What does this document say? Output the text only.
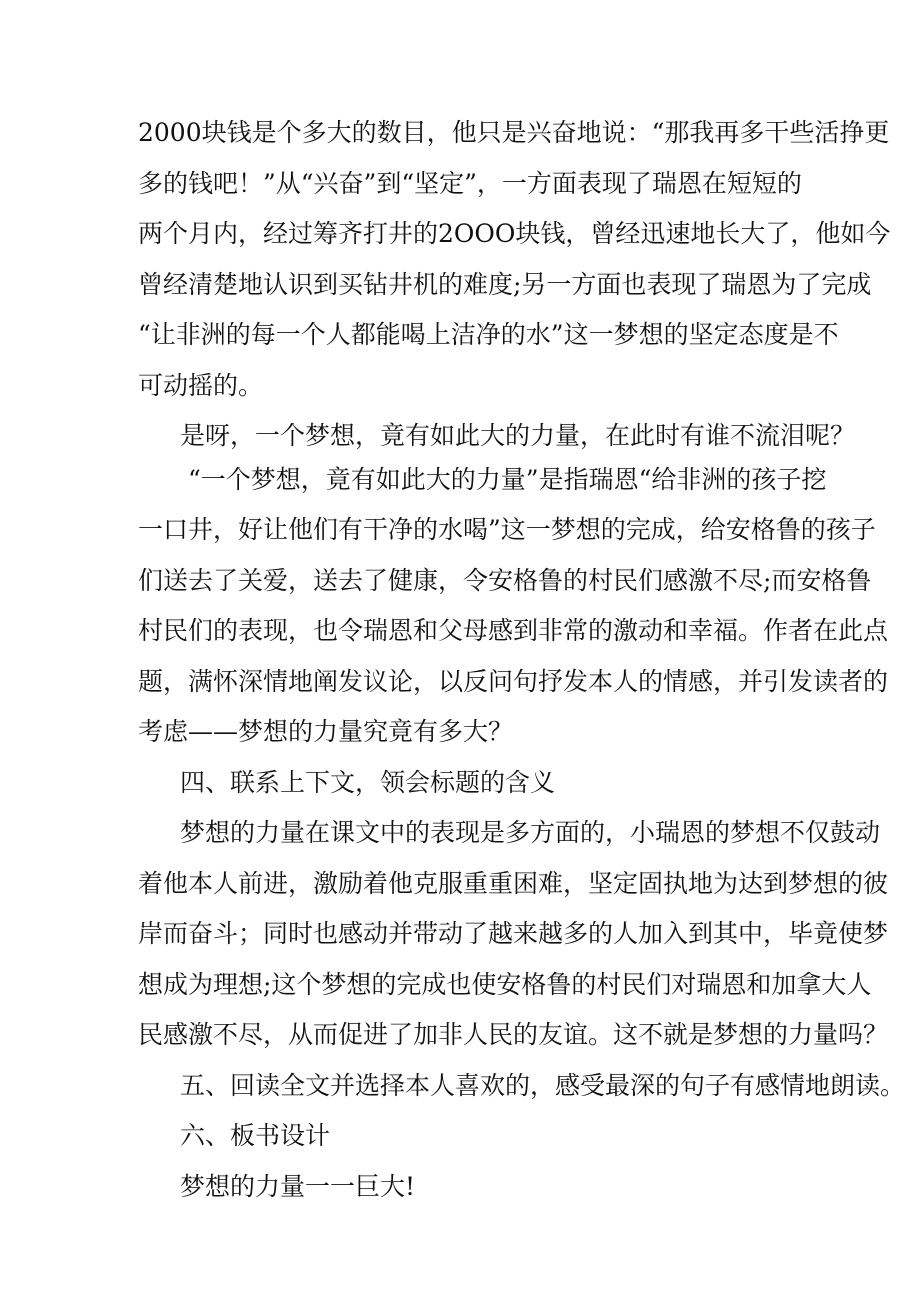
2000块钱是个多大的数目，他只是兴奋地说：“那我再多干些活挣更

多的钱吧！”从“兴奋”到“坚定”，一方面表现了瑞恩在短短的

两个月内，经过筹齐打井的2OOO块钱，曾经迅速地长大了，他如今

曾经清楚地认识到买钻井机的难度;另一方面也表现了瑞恩为了完成

“让非洲的每一个人都能喝上洁净的水”这一梦想的坚定态度是不

可动摇的。

是呀，一个梦想，竟有如此大的力量，在此时有谁不流泪呢？

“一个梦想，竟有如此大的力量”是指瑞恩“给非洲的孩子挖

一口井，好让他们有干净的水喝”这一梦想的完成，给安格鲁的孩子

们送去了关爱，送去了健康，令安格鲁的村民们感激不尽;而安格鲁

村民们的表现，也令瑞恩和父母感到非常的激动和幸福。作者在此点

题，满怀深情地阐发议论，以反问句抒发本人的情感，并引发读者的

考虑——梦想的力量究竟有多大？

四、联系上下文，领会标题的含义

梦想的力量在课文中的表现是多方面的，小瑞恩的梦想不仅鼓动

着他本人前进，激励着他克服重重困难，坚定固执地为达到梦想的彼

岸而奋斗；同时也感动并带动了越来越多的人加入到其中，毕竟使梦

想成为理想;这个梦想的完成也使安格鲁的村民们对瑞恩和加拿大人

民感激不尽，从而促进了加非人民的友谊。这不就是梦想的力量吗？

五、回读全文并选择本人喜欢的，感受最深的句子有感情地朗读。

六、板书设计

梦想的力量一一巨大!
